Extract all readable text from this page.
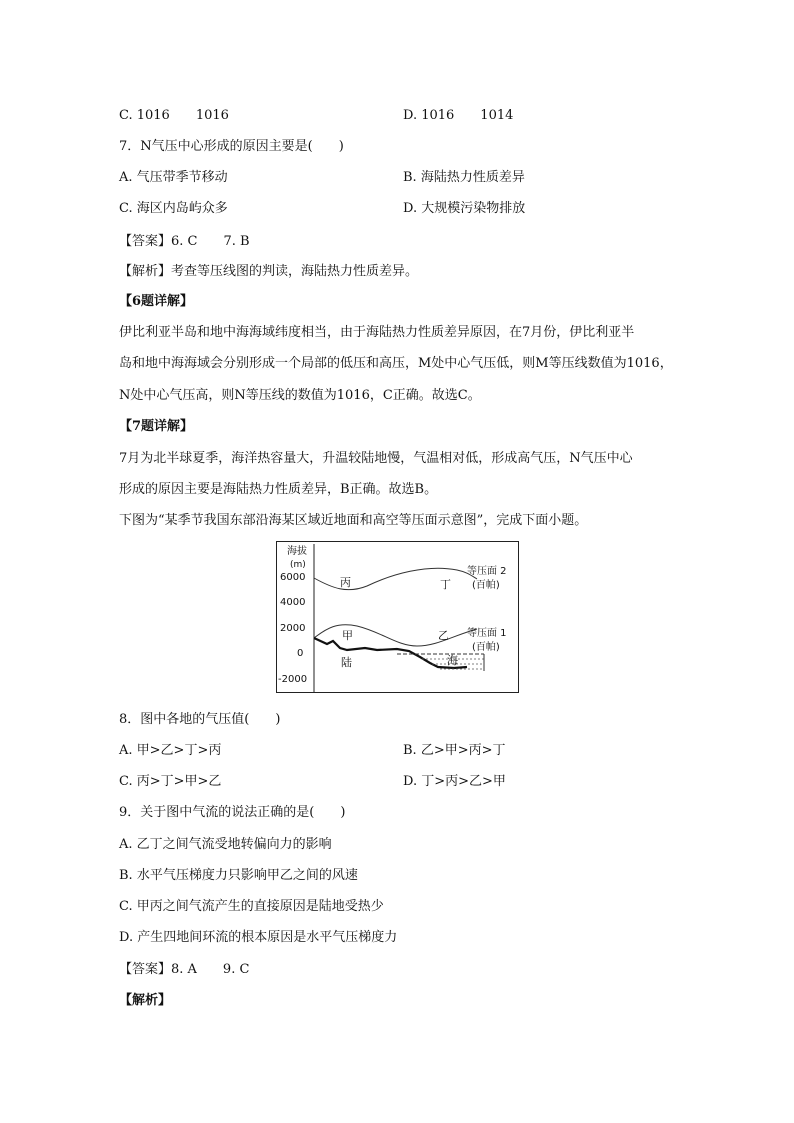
C. 1016　　1016	D. 1016　　1014
7．N气压中心形成的原因主要是(　　)
A. 气压带季节移动	B. 海陆热力性质差异
C. 海区内岛屿众多	D. 大规模污染物排放
【答案】6. C　　7. B
【解析】考查等压线图的判读，海陆热力性质差异。
【6题详解】
伊比利亚半岛和地中海海域纬度相当，由于海陆热力性质差异原因，在7月份，伊比利亚半
岛和地中海海域会分别形成一个局部的低压和高压，M处中心气压低，则M等压线数值为1016，
N处中心气压高，则N等压线的数值为1016，C正确。故选C。
【7题详解】
7月为北半球夏季，海洋热容量大，升温较陆地慢，气温相对低，形成高气压，N气压中心
形成的原因主要是海陆热力性质差异，B正确。故选B。
下图为“某季节我国东部沿海某区域近地面和高空等压面示意图”，完成下面小题。
海拔
(m)
6000
4000
2000
0
-2000
丙	丁
甲	乙
陆	海
等压面 2
(百帕)
等压面 1
(百帕)
8．图中各地的气压值(　　)
A. 甲>乙>丁>丙	B. 乙>甲>丙>丁
C. 丙>丁>甲>乙	D. 丁>丙>乙>甲
9．关于图中气流的说法正确的是(　　)
A. 乙丁之间气流受地转偏向力的影响
B. 水平气压梯度力只影响甲乙之间的风速
C. 甲丙之间气流产生的直接原因是陆地受热少
D. 产生四地间环流的根本原因是水平气压梯度力
【答案】8. A　　9. C
【解析】
